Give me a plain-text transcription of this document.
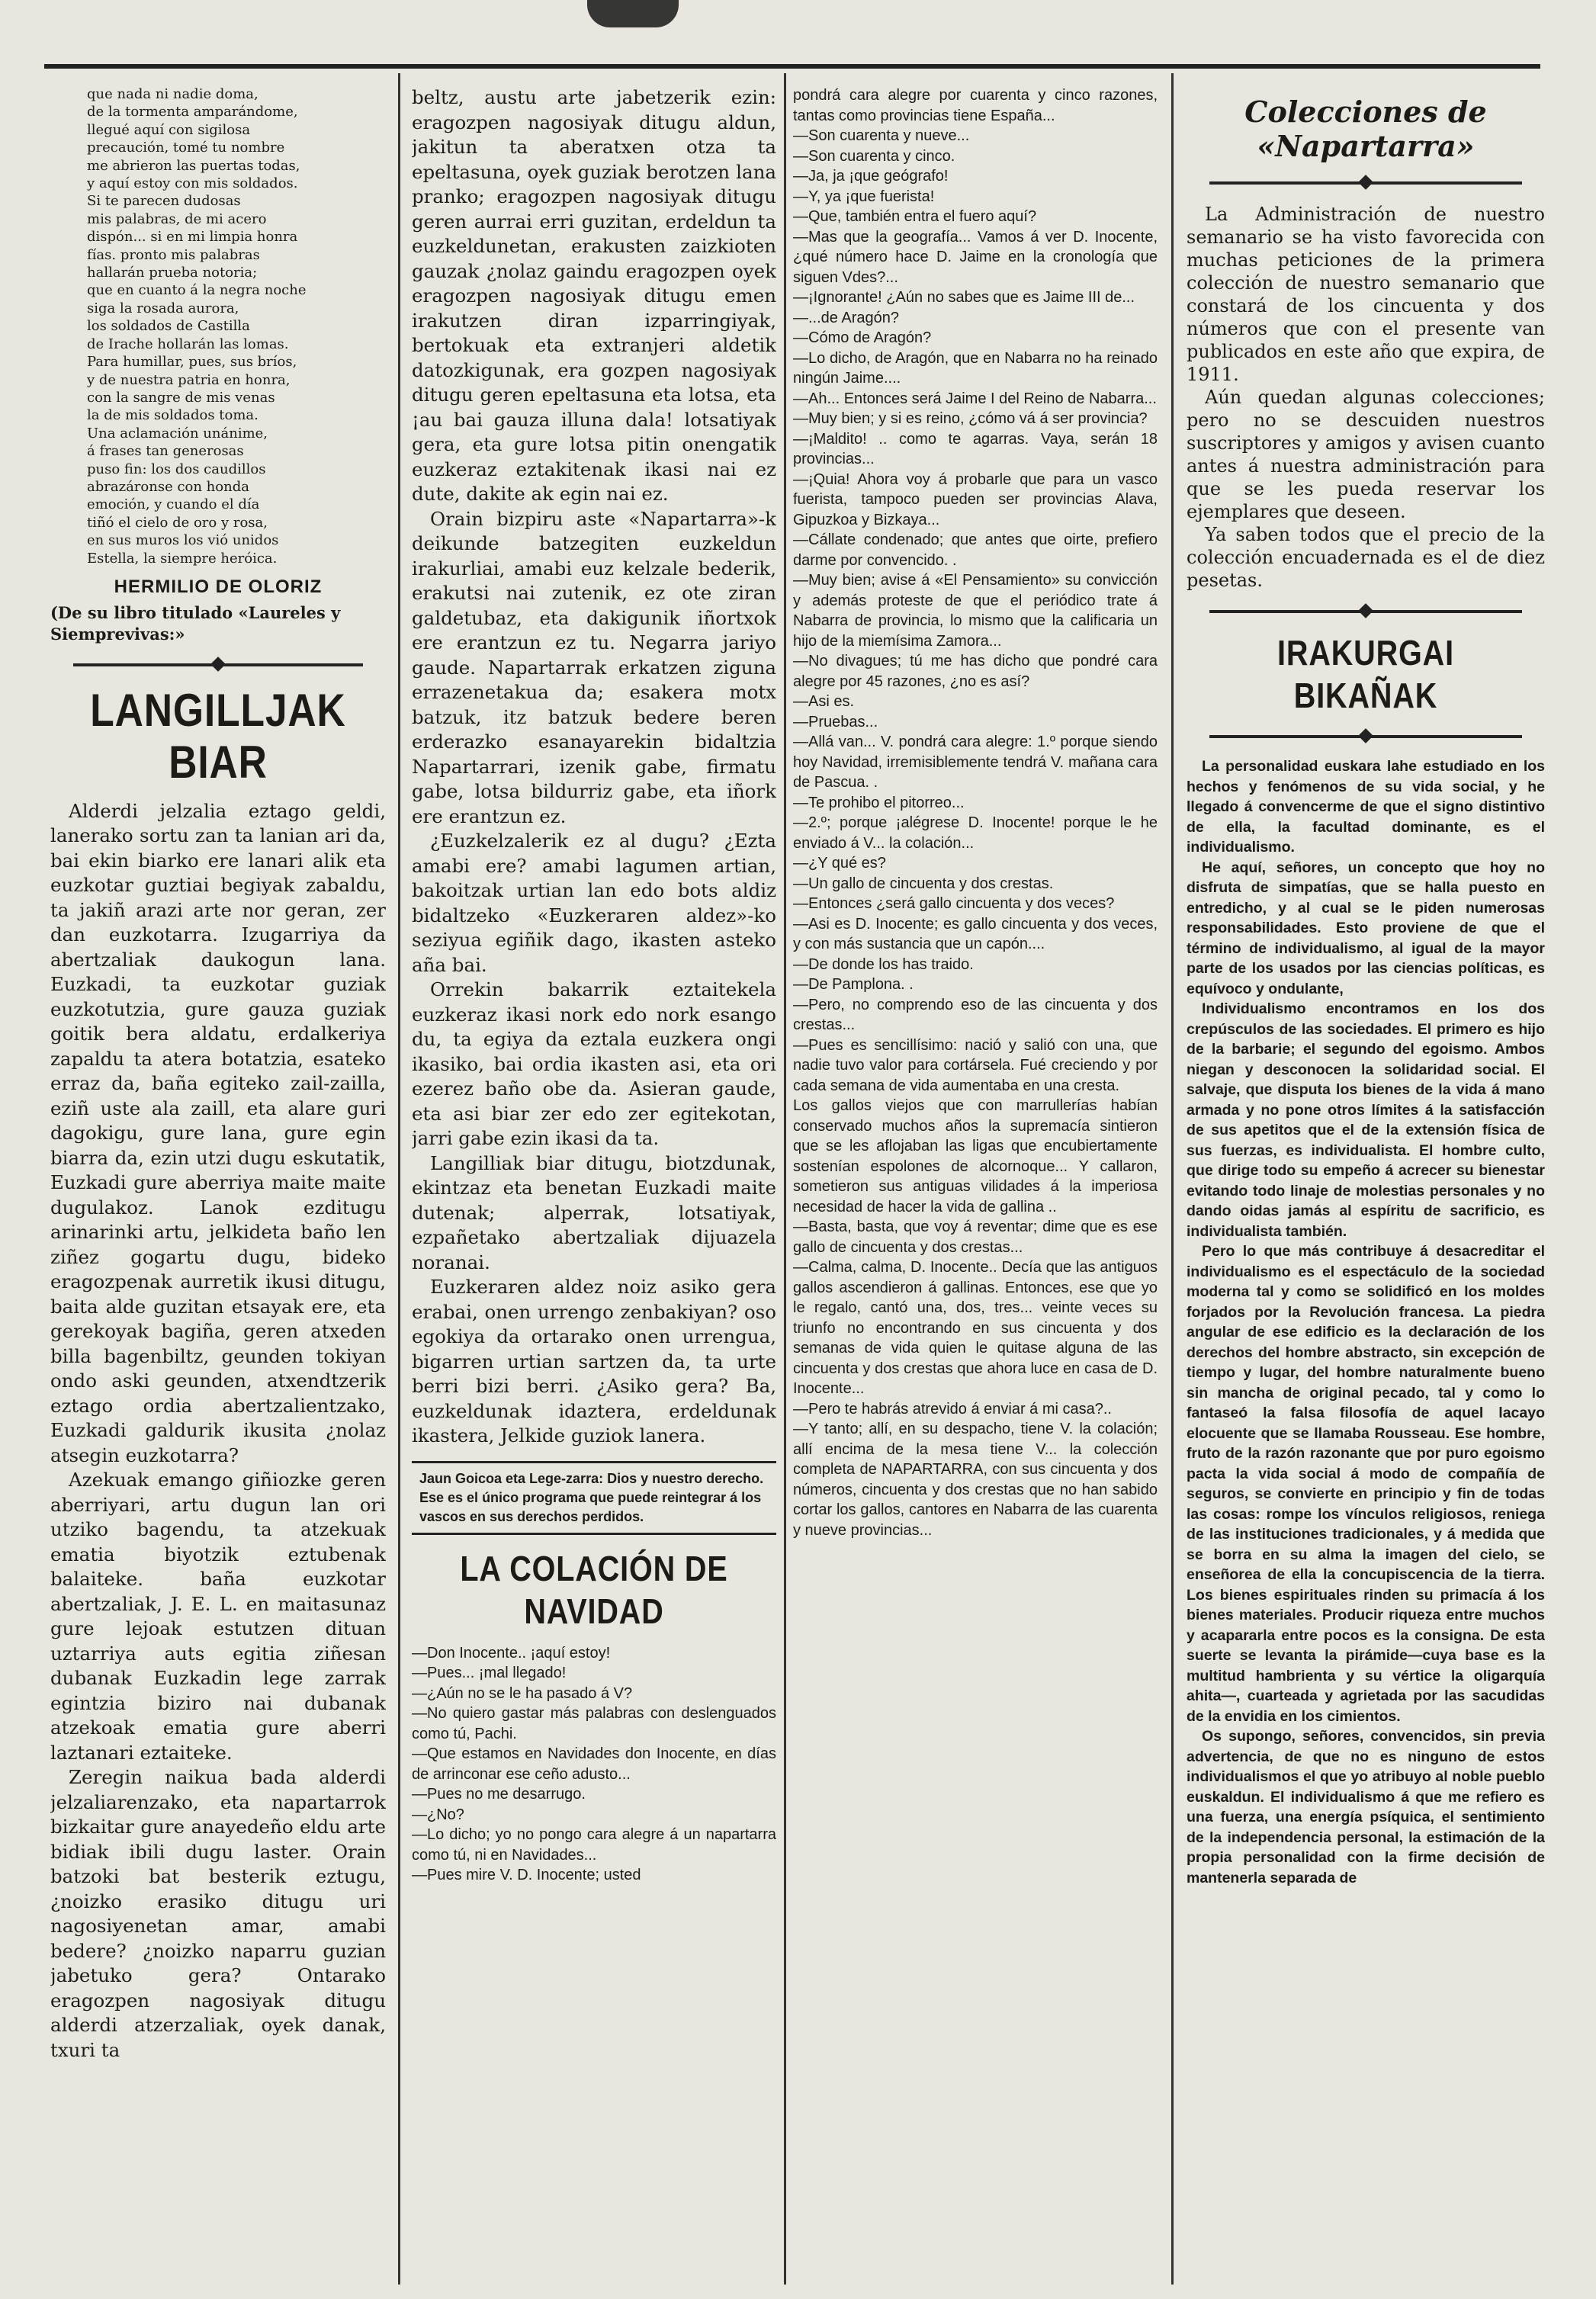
que nada ni nadie doma,
de la tormenta amparándome,
llegué aquí con sigilosa
precaución, tomé tu nombre
me abrieron las puertas todas,
y aquí estoy con mis soldados.
Si te parecen dudosas
mis palabras, de mi acero
dispón... si en mi limpia honra
fías. pronto mis palabras
hallarán prueba notoria;
que en cuanto á la negra noche
siga la rosada aurora,
los soldados de Castilla
de Irache hollarán las lomas.
Para humillar, pues, sus bríos,
y de nuestra patria en honra,
con la sangre de mis venas
la de mis soldados toma.
Una aclamación unánime,
á frases tan generosas
puso fin: los dos caudillos
abrazáronse con honda
emoción, y cuando el día
tiñó el cielo de oro y rosa,
en sus muros los vió unidos
Estella, la siempre heróica.

HERMILIO DE OLORIZ

(De su libro titulado «Laureles y Siemprevivas:»

LANGILLJAK BIAR

Alderdi jelzalia eztago geldi, lanerako sortu zan ta lanian ari da, bai ekin biarko ere lanari alik eta euzkotar guztiai begiyak zabaldu, ta jakiñ arazi arte nor geran, zer dan euzkotarra. Izugarriya da abertzaliak daukogun lana. Euzkadi, ta euzkotar guziak euzkotutzia, gure gauza guziak goitik bera aldatu, erdalkeriya zapaldu ta atera botatzia, esateko erraz da, baña egiteko zail-zailla, eziñ uste ala zaill, eta alare guri dagokigu, gure lana, gure egin biarra da, ezin utzi dugu eskutatik, Euzkadi gure aberriya maite maite dugulakoz. Lanok ezditugu arinarinki artu, jelkideta baño len ziñez gogartu dugu, bideko eragozpenak aurretik ikusi ditugu, baita alde guzitan etsayak ere, eta gerekoyak bagiña, geren atxeden billa bagenbiltz, geunden tokiyan ondo aski geunden, atxendtzerik eztago ordia abertzalientzako, Euzkadi galdurik ikusita ¿nolaz atsegin euzkotarra?

Azekuak emango giñiozke geren aberriyari, artu dugun lan ori utziko bagendu, ta atzekuak ematia biyotzik eztubenak balaiteke. baña euzkotar abertzaliak, J. E. L. en maitasunaz gure lejoak estutzen dituan uztarriya auts egitia ziñesan dubanak Euzkadin lege zarrak egintzia biziro nai dubanak atzekoak ematia gure aberri laztanari eztaiteke.

Zeregin naikua bada alderdi jelzaliarenzako, eta napartarrok bizkaitar gure anayedeño eldu arte bidiak ibili dugu laster. Orain batzoki bat besterik eztugu, ¿noizko erasiko ditugu uri nagosiyenetan amar, amabi bedere? ¿noizko naparru guzian jabetuko gera? Ontarako eragozpen nagosiyak ditugu alderdi atzerzaliak, oyek danak, txuri ta

beltz, austu arte jabetzerik ezin: eragozpen nagosiyak ditugu aldun, jakitun ta aberatxen otza ta epeltasuna, oyek guziak berotzen lana pranko; eragozpen nagosiyak ditugu geren aurrai erri guzitan, erdeldun ta euzkeldunetan, erakusten zaizkioten gauzak ¿nolaz gaindu eragozpen oyek eragozpen nagosiyak ditugu emen irakutzen diran izparringiyak, bertokuak eta extranjeri aldetik datozkigunak, era gozpen nagosiyak ditugu geren epeltasuna eta lotsa, eta ¡au bai gauza illuna dala! lotsatiyak gera, eta gure lotsa pitin onengatik euzkeraz eztakitenak ikasi nai ez dute, dakite ak egin nai ez.

Orain bizpiru aste «Napartarra»-k deikunde batzegiten euzkeldun irakurliai, amabi euz kelzale bederik, erakutsi nai zutenik, ez ote ziran galdetubaz, eta dakigunik iñortxok ere erantzun ez tu. Negarra jariyo gaude. Napartarrak erkatzen ziguna errazenetakua da; esakera motx batzuk, itz batzuk bedere beren erderazko esanayarekin bidaltzia Napartarrari, izenik gabe, firmatu gabe, lotsa bildurriz gabe, eta iñork ere erantzun ez.

¿Euzkelzalerik ez al dugu? ¿Ezta amabi ere? amabi lagumen artian, bakoitzak urtian lan edo bots aldiz bidaltzeko «Euzkeraren aldez»-ko seziyua egiñik dago, ikasten asteko aña bai.

Orrekin bakarrik eztaitekela euzkeraz ikasi nork edo nork esango du, ta egiya da eztala euzkera ongi ikasiko, bai ordia ikasten asi, eta ori ezerez baño obe da. Asieran gaude, eta asi biar zer edo zer egitekotan, jarri gabe ezin ikasi da ta.

Langilliak biar ditugu, biotzdunak, ekintzaz eta benetan Euzkadi maite dutenak; alperrak, lotsatiyak, ezpañetako abertzaliak dijuazela noranai.

Euzkeraren aldez noiz asiko gera erabai, onen urrengo zenbakiyan? oso egokiya da ortarako onen urrengua, bigarren urtian sartzen da, ta urte berri bizi berri. ¿Asiko gera? Ba, euzkeldunak idaztera, erdeldunak ikastera, Jelkide guziok lanera.

Jaun Goicoa eta Lege-zarra: Dios y nuestro derecho. Ese es el único programa que puede reintegrar á los vascos en sus derechos perdidos.
LA COLACIÓN DE NAVIDAD

—Don Inocente.. ¡aquí estoy!
—Pues... ¡mal llegado!
—¿Aún no se le ha pasado á V?
—No quiero gastar más palabras con deslenguados como tú, Pachi.
—Que estamos en Navidades don Inocente, en días de arrinconar ese ceño adusto...
—Pues no me desarrugo.
—¿No?
—Lo dicho; yo no pongo cara alegre á un napartarra como tú, ni en Navidades...
—Pues mire V. D. Inocente; usted

pondrá cara alegre por cuarenta y cinco razones, tantas como provincias tiene España...
—Son cuarenta y nueve...
—Son cuarenta y cinco.
—Ja, ja ¡que geógrafo!
—Y, ya ¡que fuerista!
—Que, también entra el fuero aquí?
—Mas que la geografía... Vamos á ver D. Inocente, ¿qué número hace D. Jaime en la cronología que siguen Vdes?...
—¡Ignorante! ¿Aún no sabes que es Jaime III de...
—...de Aragón?
—Cómo de Aragón?
—Lo dicho, de Aragón, que en Nabarra no ha reinado ningún Jaime....
—Ah... Entonces será Jaime I del Reino de Nabarra...
—Muy bien; y si es reino, ¿cómo vá á ser provincia?
—¡Maldito! .. como te agarras. Vaya, serán 18 provincias...
—¡Quia! Ahora voy á probarle que para un vasco fuerista, tampoco pueden ser provincias Alava, Gipuzkoa y Bizkaya...
—Cállate condenado; que antes que oirte, prefiero darme por convencido. .
—Muy bien; avise á «El Pensamiento» su convicción y además proteste de que el periódico trate á Nabarra de provincia, lo mismo que la calificaria un hijo de la miemísima Zamora...
—No divagues; tú me has dicho que pondré cara alegre por 45 razones, ¿no es así?
—Asi es.
—Pruebas...
—Allá van... V. pondrá cara alegre: 1.º porque siendo hoy Navidad, irremisiblemente tendrá V. mañana cara de Pascua. .
—Te prohibo el pitorreo...
—2.º; porque ¡alégrese D. Inocente! porque le he enviado á V... la colación...
—¿Y qué es?
—Un gallo de cincuenta y dos crestas.
—Entonces ¿será gallo cincuenta y dos veces?
—Asi es D. Inocente; es gallo cincuenta y dos veces, y con más sustancia que un capón....
—De donde los has traido.
—De Pamplona. .
—Pero, no comprendo eso de las cincuenta y dos crestas...
—Pues es sencillísimo: nació y salió con una, que nadie tuvo valor para cortársela. Fué creciendo y por cada semana de vida aumentaba en una cresta.
Los gallos viejos que con marrullerías habían conservado muchos años la supremacía sintieron que se les aflojaban las ligas que encubiertamente sostenían espolones de alcornoque... Y callaron, sometieron sus antiguas vilidades á la imperiosa necesidad de hacer la vida de gallina ..
—Basta, basta, que voy á reventar; dime que es ese gallo de cincuenta y dos crestas...
—Calma, calma, D. Inocente.. Decía que las antiguos gallos ascendieron á gallinas. Entonces, ese que yo le regalo, cantó una, dos, tres... veinte veces su triunfo no encontrando en sus cincuenta y dos semanas de vida quien le quitase alguna de las cincuenta y dos crestas que ahora luce en casa de D. Inocente...
—Pero te habrás atrevido á enviar á mi casa?..
—Y tanto; allí, en su despacho, tiene V. la colación; allí encima de la mesa tiene V... la colección completa de NAPARTARRA, con sus cincuenta y dos números, cincuenta y dos crestas que no han sabido cortar los gallos, cantores en Nabarra de las cuarenta y nueve provincias...

Colecciones de «Napartarra»

La Administración de nuestro semanario se ha visto favorecida con muchas peticiones de la primera colección de nuestro semanario que constará de los cincuenta y dos números que con el presente van publicados en este año que expira, de 1911.

Aún quedan algunas colecciones; pero no se descuiden nuestros suscriptores y amigos y avisen cuanto antes á nuestra administración para que se les pueda reservar los ejemplares que deseen.

Ya saben todos que el precio de la colección encuadernada es el de diez pesetas.

IRAKURGAI BIKAÑAK

La personalidad euskara lahe estudiado en los hechos y fenómenos de su vida social, y he llegado á convencerme de que el signo distintivo de ella, la facultad dominante, es el individualismo.

He aquí, señores, un concepto que hoy no disfruta de simpatías, que se halla puesto en entredicho, y al cual se le piden numerosas responsabilidades. Esto proviene de que el término de individualismo, al igual de la mayor parte de los usados por las ciencias políticas, es equívoco y ondulante,

Individualismo encontramos en los dos crepúsculos de las sociedades. El primero es hijo de la barbarie; el segundo del egoismo. Ambos niegan y desconocen la solidaridad social. El salvaje, que disputa los bienes de la vida á mano armada y no pone otros límites á la satisfacción de sus apetitos que el de la extensión física de sus fuerzas, es individualista. El hombre culto, que dirige todo su empeño á acrecer su bienestar evitando todo linaje de molestias personales y no dando oidas jamás al espíritu de sacrificio, es individualista también.

Pero lo que más contribuye á desacreditar el individualismo es el espectáculo de la sociedad moderna tal y como se solidificó en los moldes forjados por la Revolución francesa. La piedra angular de ese edificio es la declaración de los derechos del hombre abstracto, sin excepción de tiempo y lugar, del hombre naturalmente bueno sin mancha de original pecado, tal y como lo fantaseó la falsa filosofía de aquel lacayo elocuente que se llamaba Rousseau. Ese hombre, fruto de la razón razonante que por puro egoismo pacta la vida social á modo de compañía de seguros, se convierte en principio y fin de todas las cosas: rompe los vínculos religiosos, reniega de las instituciones tradicionales, y á medida que se borra en su alma la imagen del cielo, se enseñorea de ella la concupiscencia de la tierra. Los bienes espirituales rinden su primacía á los bienes materiales. Producir riqueza entre muchos y acapararla entre pocos es la consigna. De esta suerte se levanta la pirámide—cuya base es la multitud hambrienta y su vértice la oligarquía ahita—, cuarteada y agrietada por las sacudidas de la envidia en los cimientos.

Os supongo, señores, convencidos, sin previa advertencia, de que no es ninguno de estos individualismos el que yo atribuyo al noble pueblo euskaldun. El individualismo á que me refiero es una fuerza, una energía psíquica, el sentimiento de la independencia personal, la estimación de la propia personalidad con la firme decisión de mantenerla separada de
